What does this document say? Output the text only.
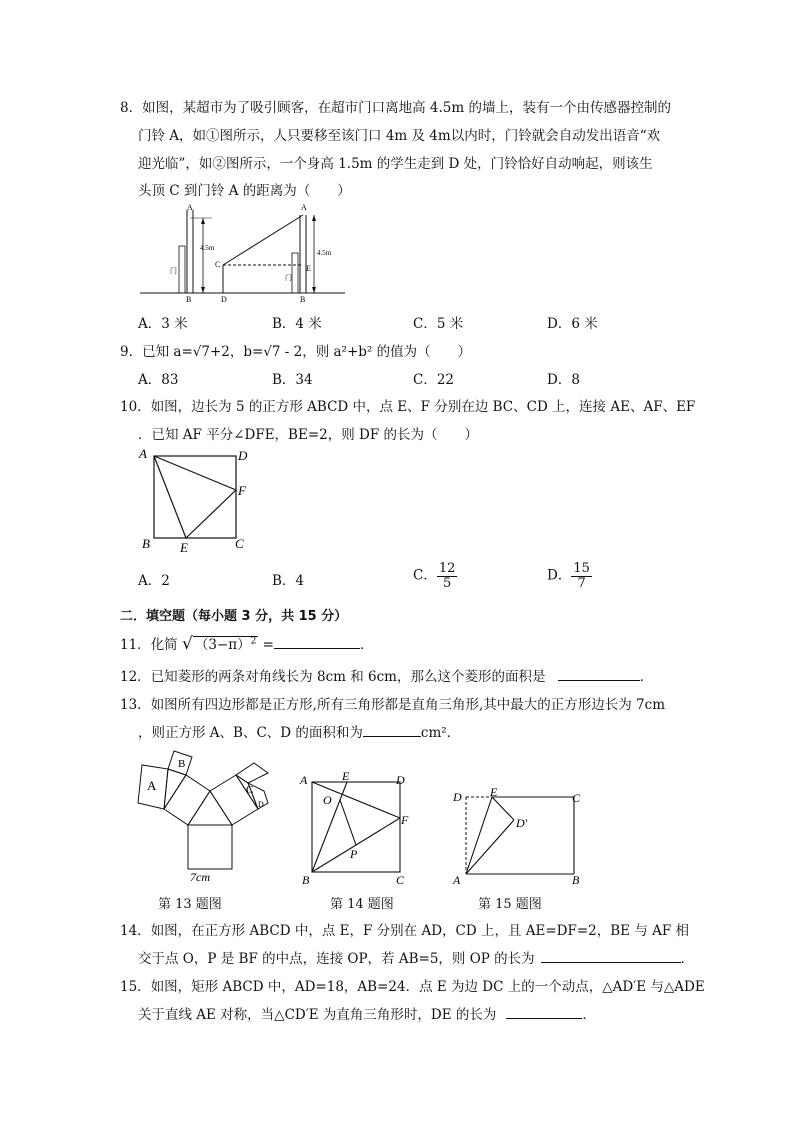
8．如图，某超市为了吸引顾客，在超市门口离地高 4.5m 的墙上，装有一个由传感器控制的
门铃 A，如①图所示，人只要移至该门口 4m 及 4m以内时，门铃就会自动发出语音“欢
迎光临”，如②图所示，一个身高 1.5m 的学生走到 D 处，门铃恰好自动响起，则该生
头顶 C 到门铃 A 的距离为（　　）
A
B
4.5m
门
A
C
D	B
E
4.5m
门
A．3 米	B．4 米	C．5 米	D．6 米
9．已知 a=√7+2，b=√7 - 2，则 a²+b² 的值为（　　）
A．83	B．34	C．22	D．8
10．如图，边长为 5 的正方形 ABCD 中，点 E、F 分别在边 BC、CD 上，连接 AE、AF、EF
．已知 AF 平分∠DFE，BE=2，则 DF 的长为（　　）
A	D
F
B E	C
A．2	B．4	C． $\frac{12}{5}$	D． $\frac{15}{7}$
二．填空题（每小题 3 分，共 15 分）
11．化简 √ $(3-\pi)^2$ =	．
12．已知菱形的两条对角线长为 8cm 和 6cm，那么这个菱形的面积是	．
13．如图所有四边形都是正方形,所有三角形都是直角三角形,其中最大的正方形边长为 7cm
，则正方形 A、B、C、D 的面积和为	cm²．
A
B
C
D
7cm
第 13 题图
A	E	D
O
F
P
B	C
第 14 题图
D E	C
D′
A	B
第 15 题图
14．如图，在正方形 ABCD 中，点 E，F 分别在 AD，CD 上，且 AE=DF=2，BE 与 AF 相
交于点 O，P 是 BF 的中点，连接 OP，若 AB=5，则 OP 的长为	．
15．如图，矩形 ABCD 中，AD=18，AB=24．点 E 为边 DC 上的一个动点，△AD′E 与△ADE
关于直线 AE 对称，当△CD′E 为直角三角形时，DE 的长为	．
